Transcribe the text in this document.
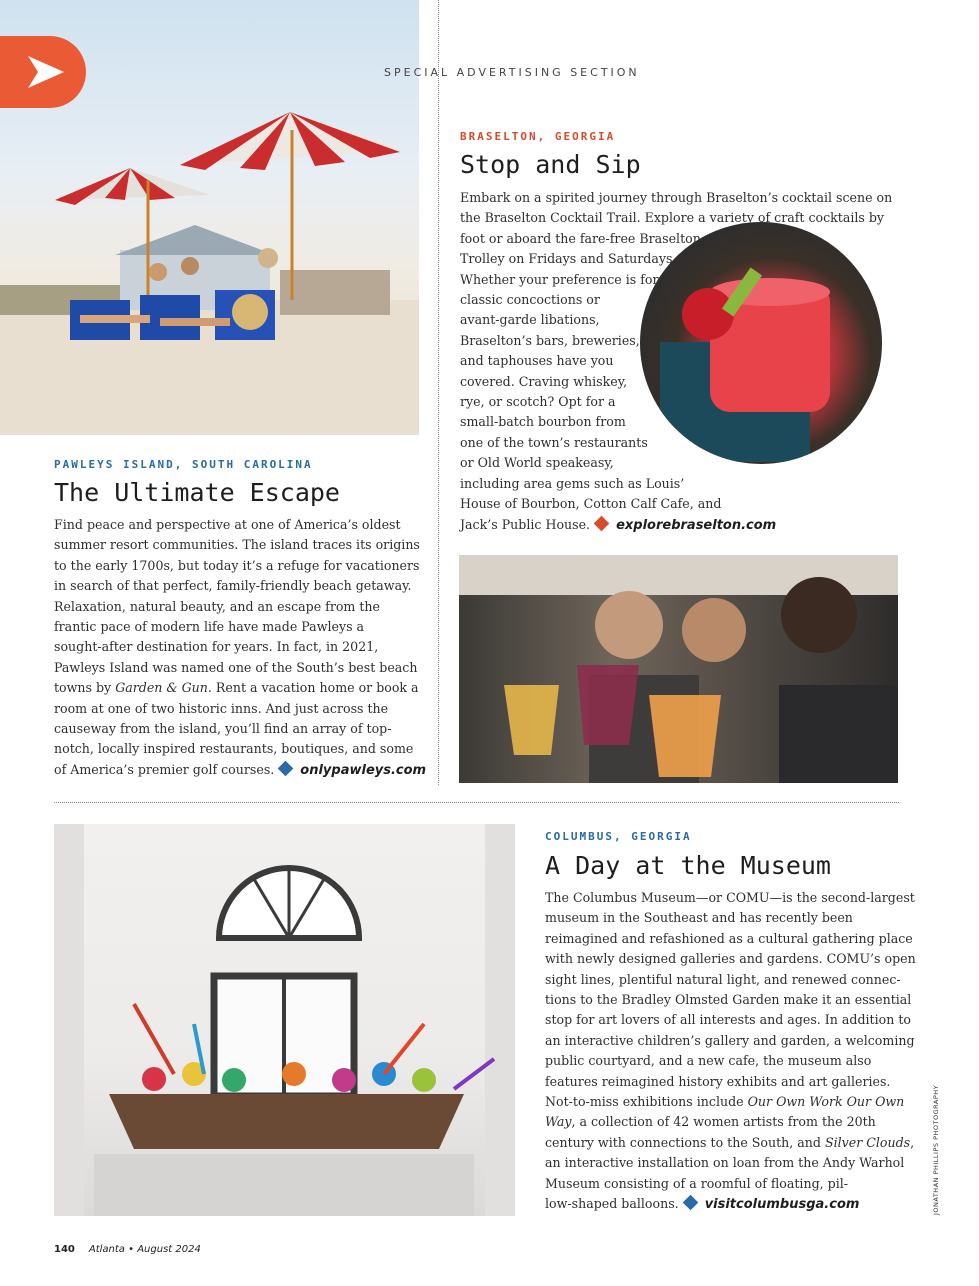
SPECIAL ADVERTISING SECTION
BRASELTON, GEORGIA
Stop and Sip
Embark on a spirited journey through Braselton’s cocktail scene on
the Braselton Cocktail Trail. Explore a variety of craft cocktails by
foot or aboard the fare-free Braselton
Trolley on Fridays and Saturdays.
Whether your preference is for
classic concoctions or
avant-garde libations,
Braselton’s bars, breweries,
and taphouses have you
covered. Craving whiskey,
rye, or scotch? Opt for a
small-batch bourbon from
one of the town’s restaurants
or Old World speakeasy,
including area gems such as Louis’
House of Bourbon, Cotton Calf Cafe, and
Jack’s Public House. explorebraselton.com
PAWLEYS ISLAND, SOUTH CAROLINA
The Ultimate Escape
Find peace and perspective at one of America’s oldest
summer resort communities. The island traces its origins
to the early 1700s, but today it’s a refuge for vacationers
in search of that perfect, family-friendly beach getaway.
Relaxation, natural beauty, and an escape from the
frantic pace of modern life have made Pawleys a
sought-after destination for years. In fact, in 2021,
Pawleys Island was named one of the South’s best beach
towns by Garden & Gun. Rent a vacation home or book a
room at one of two historic inns. And just across the
causeway from the island, you’ll find an array of top-
notch, locally inspired restaurants, boutiques, and some
of America’s premier golf courses. onlypawleys.com
COLUMBUS, GEORGIA
A Day at the Museum
The Columbus Museum—or COMU—is the second-largest
museum in the Southeast and has recently been
reimagined and refashioned as a cultural gathering place
with newly designed galleries and gardens. COMU’s open
sight lines, plentiful natural light, and renewed connec-
tions to the Bradley Olmsted Garden make it an essential
stop for art lovers of all interests and ages. In addition to
an interactive children’s gallery and garden, a welcoming
public courtyard, and a new cafe, the museum also
features reimagined history exhibits and art galleries.
Not-to-miss exhibitions include Our Own Work Our Own
Way, a collection of 42 women artists from the 20th
century with connections to the South, and Silver Clouds,
an interactive installation on loan from the Andy Warhol
Museum consisting of a roomful of floating, pil-
low-shaped balloons. visitcolumbusga.com	JONATHAN PHILLIPS PHOTOGRAPHY
140 Atlanta • August 2024
